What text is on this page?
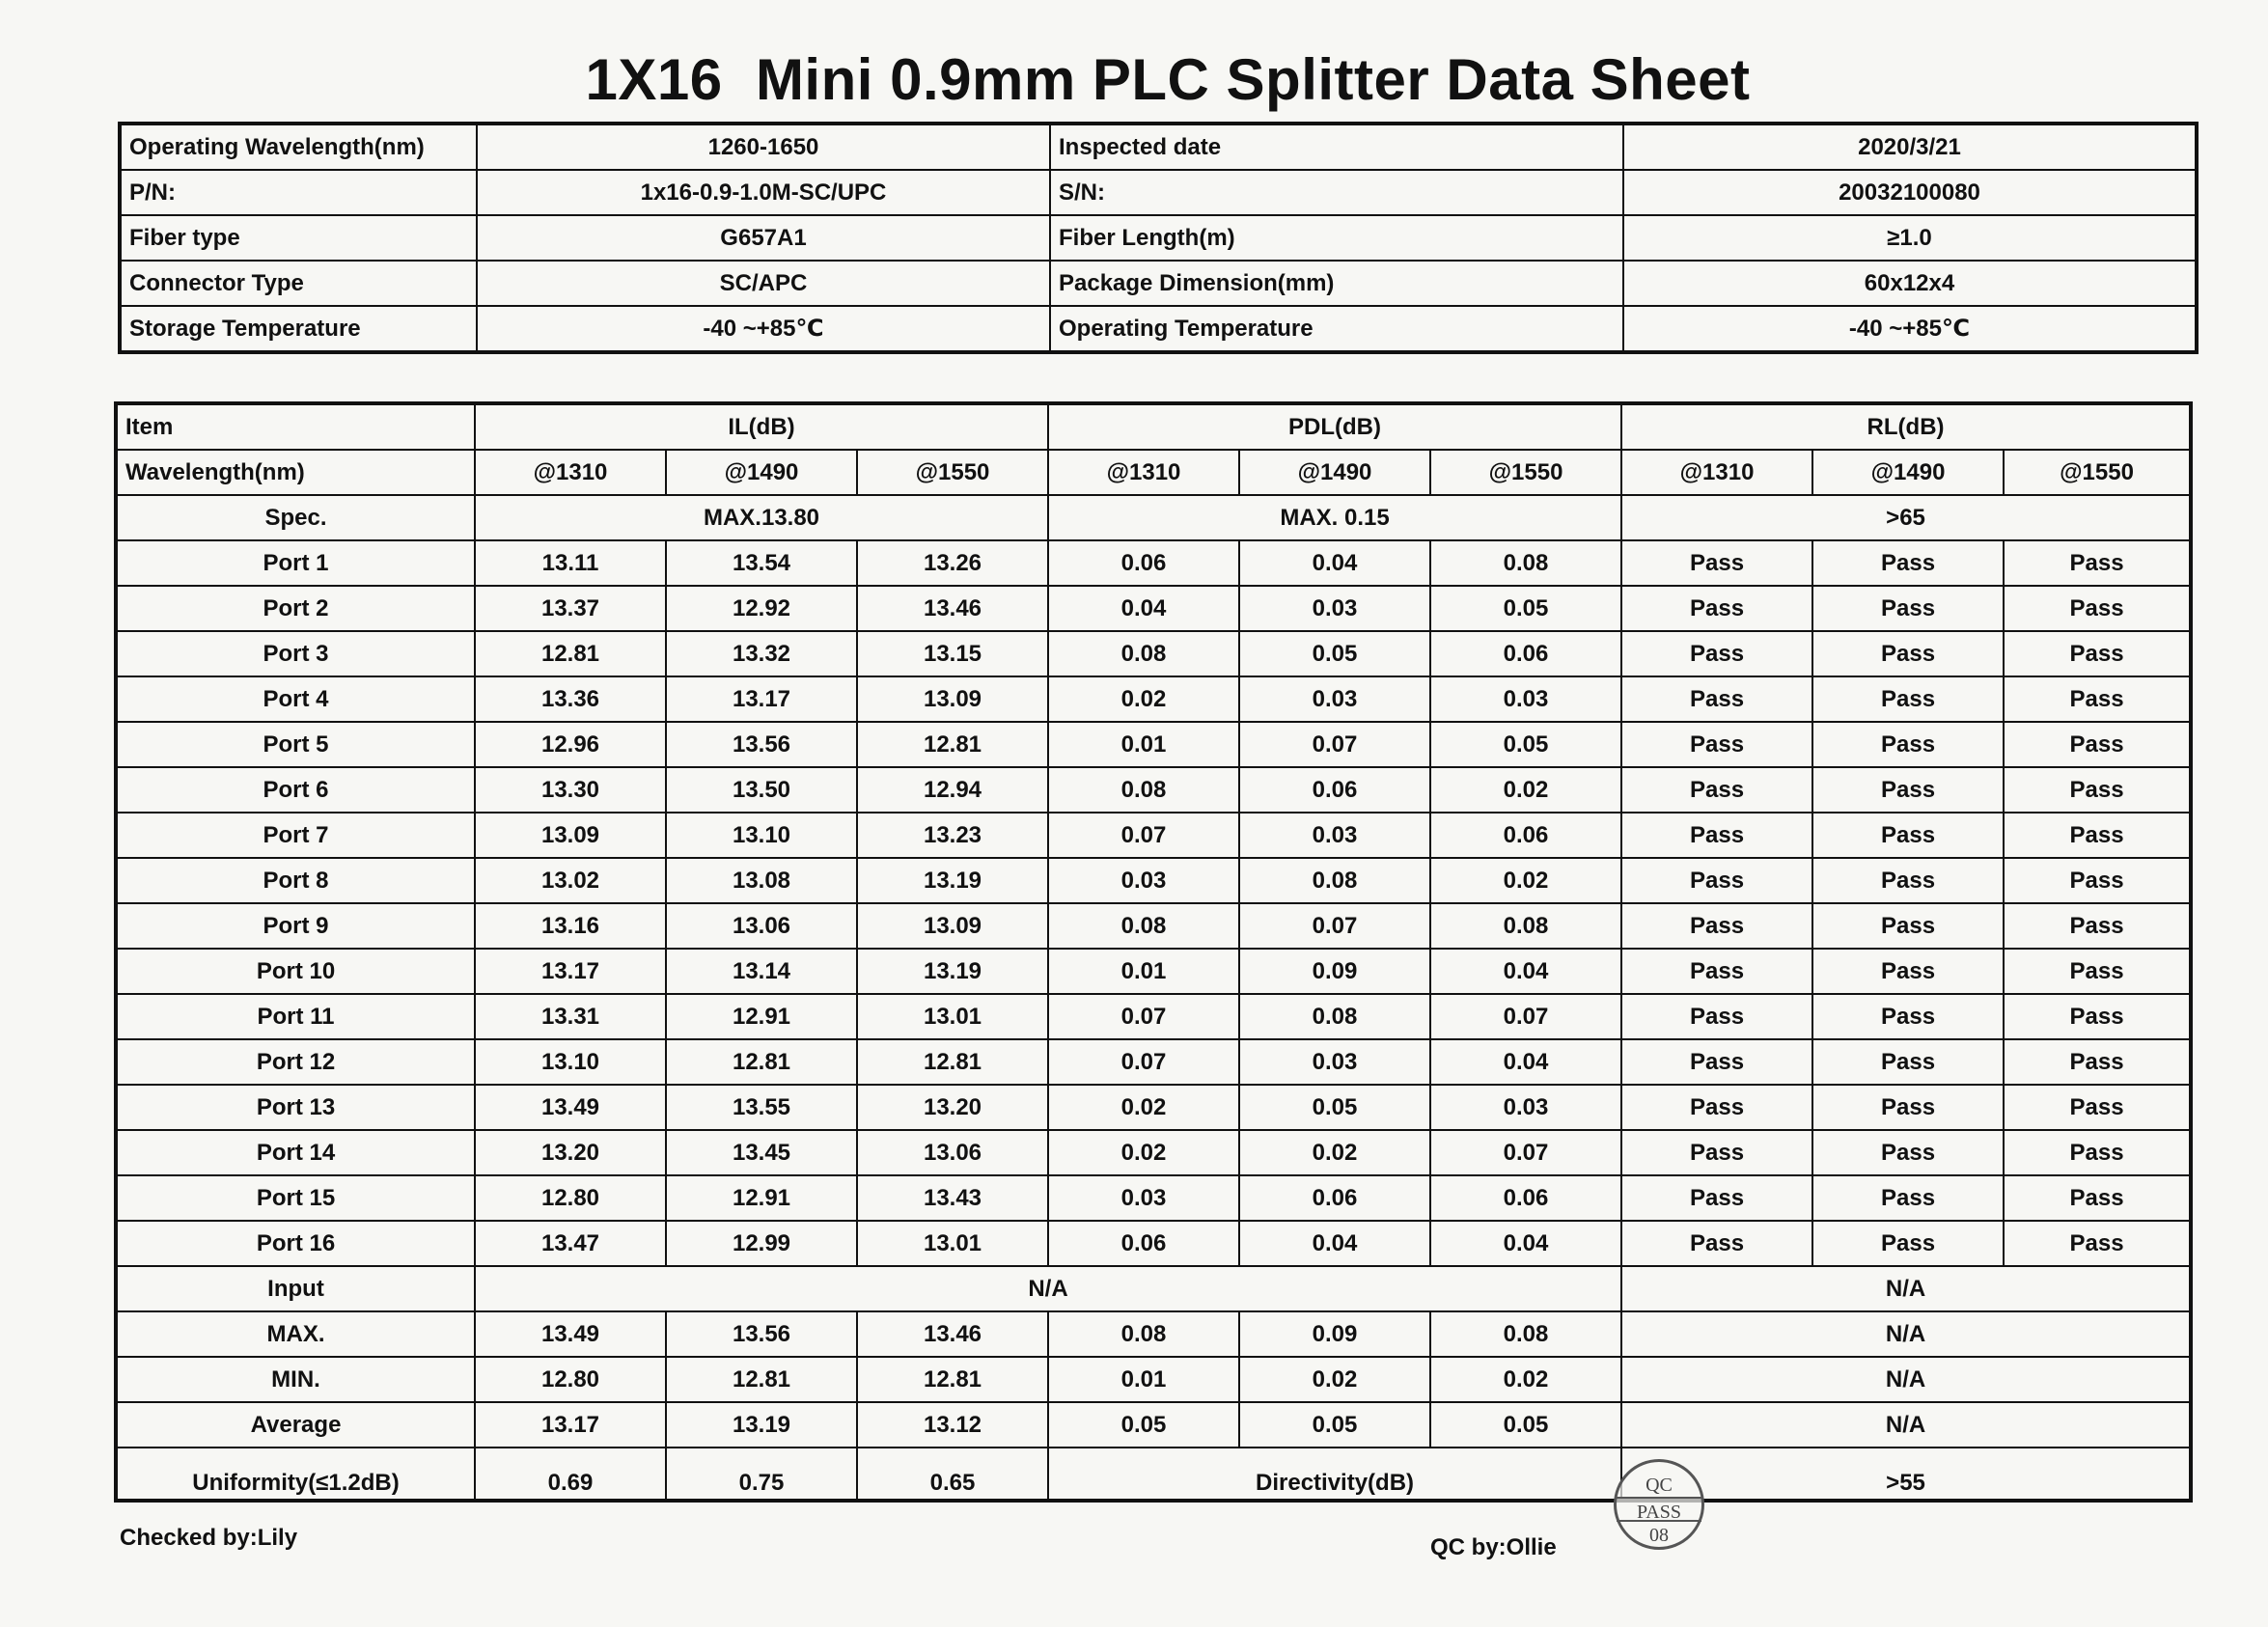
1X16  Mini 0.9mm PLC Splitter Data Sheet
Operating Wavelength(nm)	1260-1650	Inspected date	2020/3/21
P/N:	1x16-0.9-1.0M-SC/UPC	S/N:	20032100080
Fiber type	G657A1	Fiber Length(m)	≥1.0
Connector Type	SC/APC	Package Dimension(mm)	60x12x4
Storage Temperature	-40 ~+85℃	Operating Temperature	-40 ~+85℃
Item	IL(dB)			PDL(dB)			RL(dB)		
Wavelength(nm)	@1310	@1490	@1550	@1310	@1490	@1550	@1310	@1490	@1550
Spec.	MAX.13.80			MAX. 0.15			>65		
Port 1	13.11	13.54	13.26	0.06	0.04	0.08	Pass	Pass	Pass
Port 2	13.37	12.92	13.46	0.04	0.03	0.05	Pass	Pass	Pass
Port 3	12.81	13.32	13.15	0.08	0.05	0.06	Pass	Pass	Pass
Port 4	13.36	13.17	13.09	0.02	0.03	0.03	Pass	Pass	Pass
Port 5	12.96	13.56	12.81	0.01	0.07	0.05	Pass	Pass	Pass
Port 6	13.30	13.50	12.94	0.08	0.06	0.02	Pass	Pass	Pass
Port 7	13.09	13.10	13.23	0.07	0.03	0.06	Pass	Pass	Pass
Port 8	13.02	13.08	13.19	0.03	0.08	0.02	Pass	Pass	Pass
Port 9	13.16	13.06	13.09	0.08	0.07	0.08	Pass	Pass	Pass
Port 10	13.17	13.14	13.19	0.01	0.09	0.04	Pass	Pass	Pass
Port 11	13.31	12.91	13.01	0.07	0.08	0.07	Pass	Pass	Pass
Port 12	13.10	12.81	12.81	0.07	0.03	0.04	Pass	Pass	Pass
Port 13	13.49	13.55	13.20	0.02	0.05	0.03	Pass	Pass	Pass
Port 14	13.20	13.45	13.06	0.02	0.02	0.07	Pass	Pass	Pass
Port 15	12.80	12.91	13.43	0.03	0.06	0.06	Pass	Pass	Pass
Port 16	13.47	12.99	13.01	0.06	0.04	0.04	Pass	Pass	Pass
Input	N/A						N/A		
MAX.	13.49	13.56	13.46	0.08	0.09	0.08	N/A		
MIN.	12.80	12.81	12.81	0.01	0.02	0.02	N/A		
Average	13.17	13.19	13.12	0.05	0.05	0.05	N/A		
Uniformity(≤1.2dB)	0.69	0.75	0.65	Directivity(dB)			>55		
Checked by:Lily	QC by:Ollie
QC
PASS
08
